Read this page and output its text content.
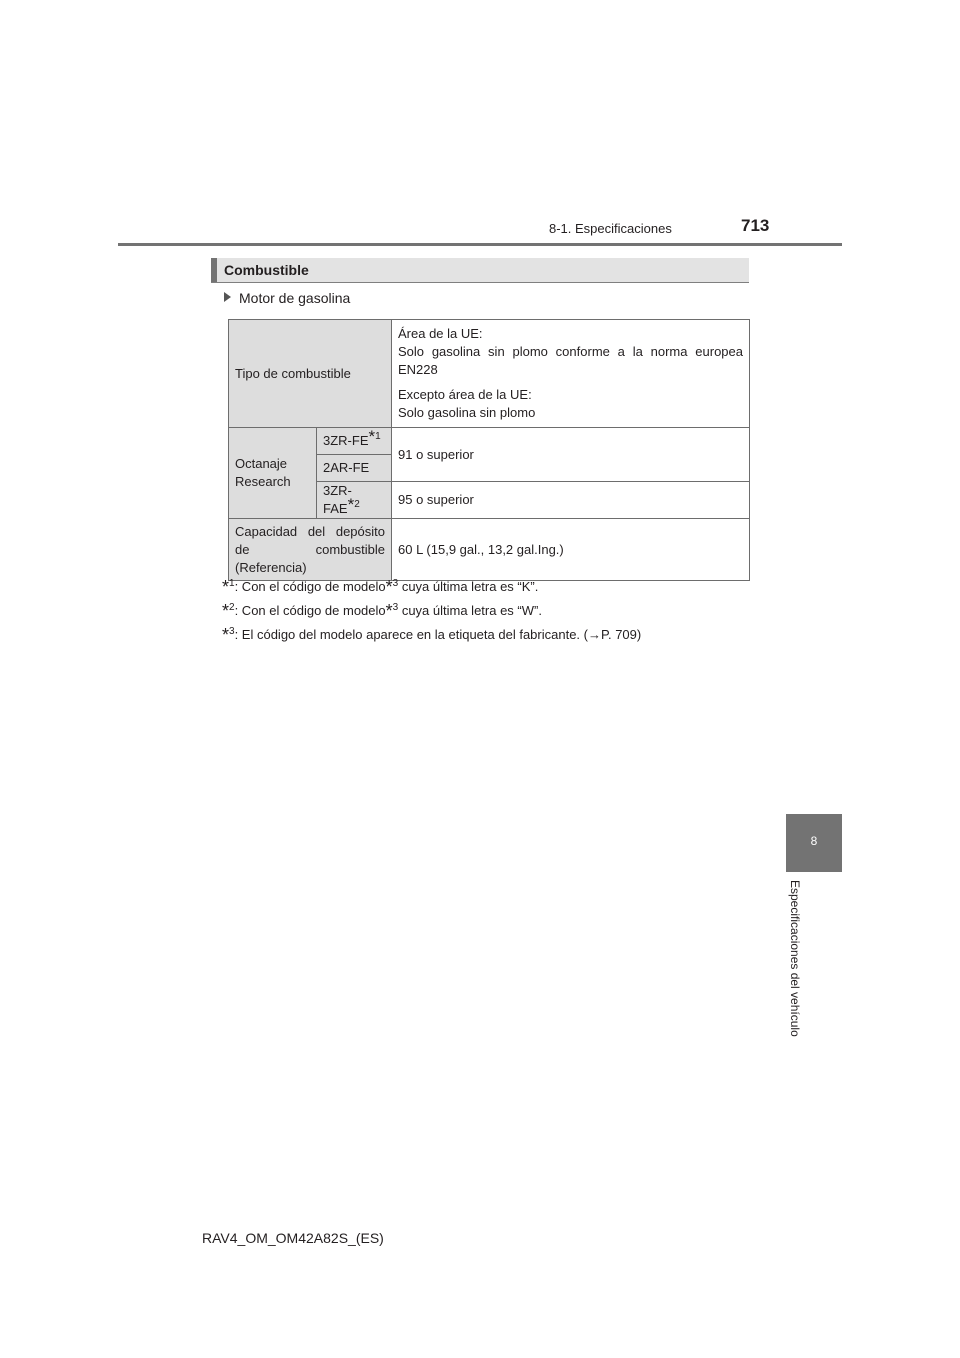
8-1. Especificaciones	713
Combustible
Motor de gasolina
Tipo de combustible		Área de la UE:
Solo gasolina sin plomo conforme a la norma europea EN228
Excepto área de la UE:
Solo gasolina sin plomo

Octanaje Research	3ZR-FE$^{*1}$	91 o superior
	2AR-FE	
	3ZR-FAE$^{*2}$	95 o superior
Capacidad del depósito de combustible (Referencia)		60 L (15,9 gal., 13,2 gal.Ing.)
*$^1$: Con el código de modelo*$^3$ cuya última letra es “K”.
*$^2$: Con el código de modelo*$^3$ cuya última letra es “W”.
*$^3$: El código del modelo aparece en la etiqueta del fabricante. (→P. 709)
8
Especificaciones del vehículo
RAV4_OM_OM42A82S_(ES)
